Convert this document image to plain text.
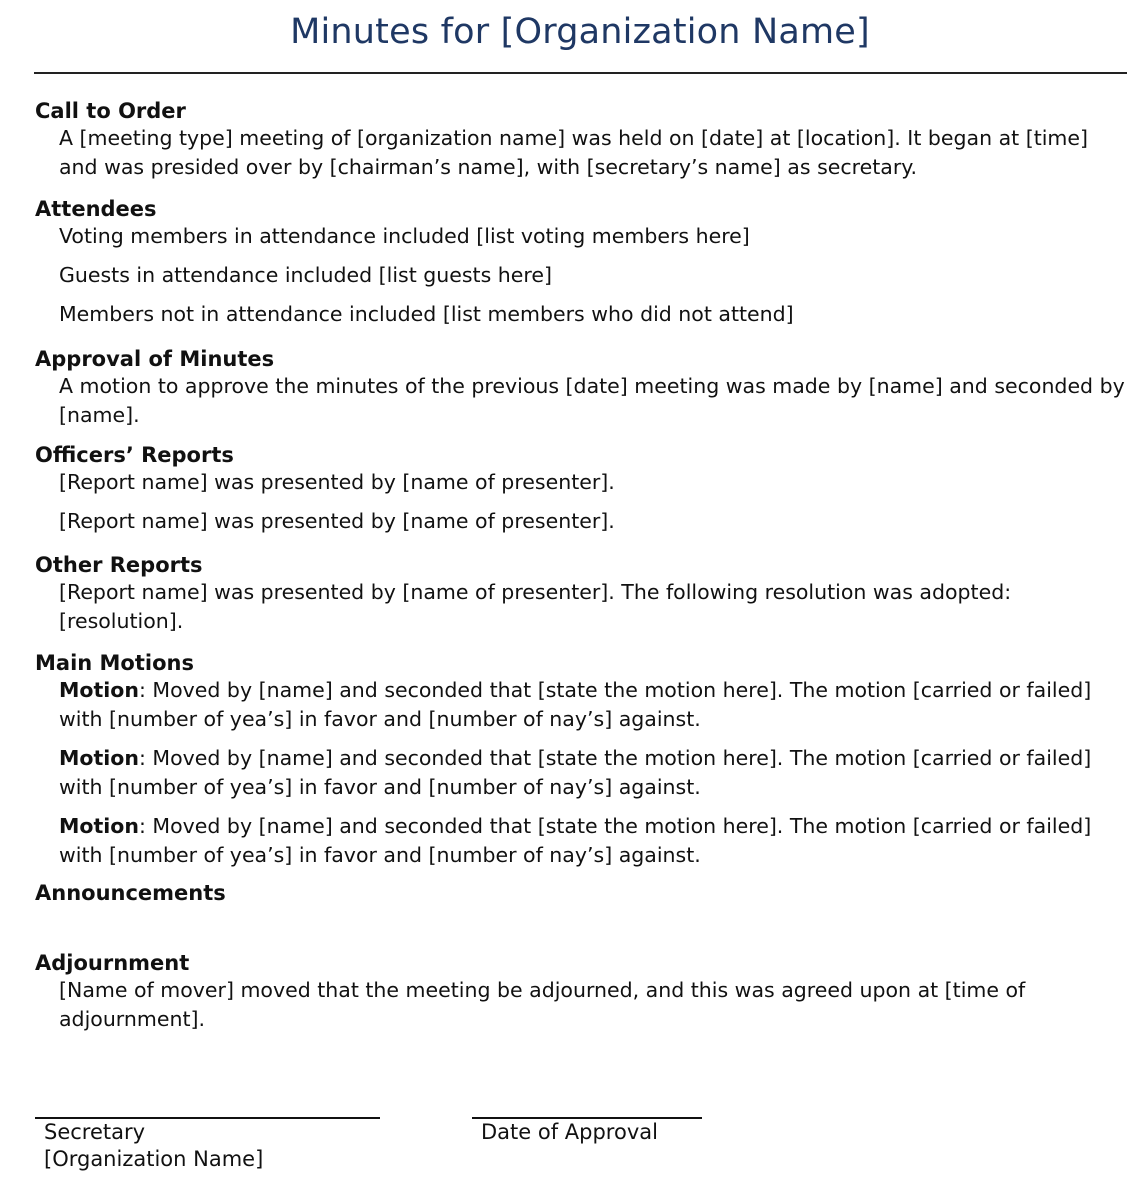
Minutes for [Organization Name]
Call to Order
A [meeting type] meeting of [organization name] was held on [date] at [location]. It began at [time] and was presided over by [chairman’s name], with [secretary’s name] as secretary.
Attendees
Voting members in attendance included [list voting members here]
Guests in attendance included [list guests here]
Members not in attendance included [list members who did not attend]
Approval of Minutes
A motion to approve the minutes of the previous [date] meeting was made by [name] and seconded by [name].
Officers’ Reports
[Report name] was presented by [name of presenter].
[Report name] was presented by [name of presenter].
Other Reports
[Report name] was presented by [name of presenter]. The following resolution was adopted: [resolution].
Main Motions
Motion: Moved by [name] and seconded that [state the motion here]. The motion [carried or failed] with [number of yea’s] in favor and [number of nay’s] against.
Motion: Moved by [name] and seconded that [state the motion here]. The motion [carried or failed] with [number of yea’s] in favor and [number of nay’s] against.
Motion: Moved by [name] and seconded that [state the motion here]. The motion [carried or failed] with [number of yea’s] in favor and [number of nay’s] against.
Announcements
Adjournment
[Name of mover] moved that the meeting be adjourned, and this was agreed upon at [time of adjournment].
Secretary
[Organization Name]
Date of Approval
